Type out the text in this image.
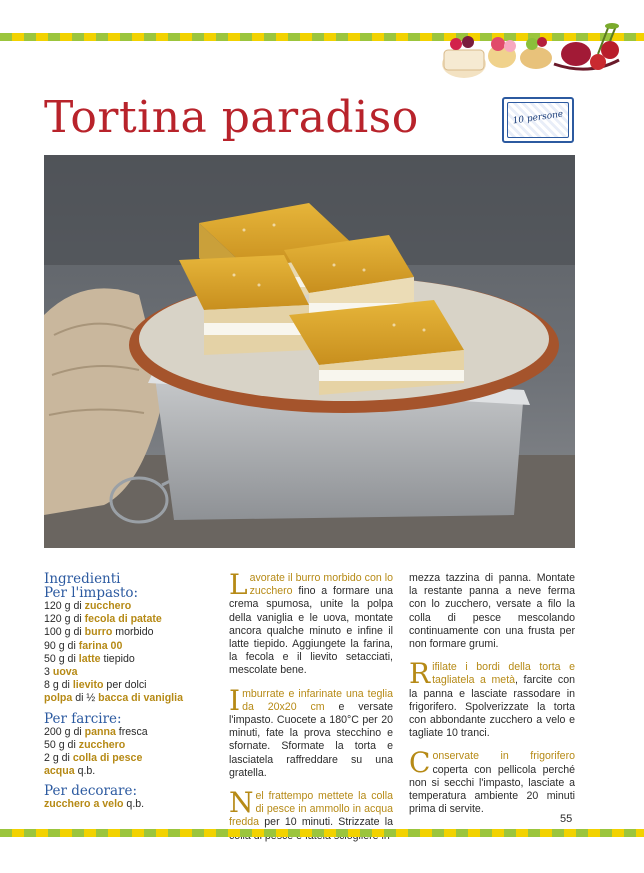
Tortina paradiso	10 persone

Ingredienti

Per l'impasto:

120 g di zucchero

120 g di fecola di patate

100 g di burro morbido

90 g di farina 00

50 g di latte tiepido

3 uova

8 g di lievito per dolci

polpa di ½ bacca di vaniglia

Per farcire:

200 g di panna fresca

50 g di zucchero

2 g di colla di pesce

acqua q.b.

Per decorare:

zucchero a velo q.b.

Lavorate il burro morbido con lo zucchero fino a formare una crema spumosa, unite la polpa della vaniglia e le uova, montate ancora qualche minuto e infine il latte tiepido. Aggiungete la farina, la fecola e il lievito setacciati, mescolate bene.

Imburrate e infarinate una teglia da 20x20 cm e versate l'impasto. Cuocete a 180°C per 20 minuti, fate la prova stecchino e sfornate. Sformate la torta e lasciatela raffreddare su una gratella.

Nel frattempo mettete la colla di pesce in ammollo in acqua fredda per 10 minuti. Strizzate la

mezza tazzina di panna. Montate la restante panna a neve ferma con lo zucchero, versate a filo la colla di pesce mescolando continuamente con una frusta per non formare grumi.

Rifilate i bordi della torta e tagliatela a metà, farcite con la panna e lasciate rassodare in frigorifero. Spolverizzate la torta con abbondante zucchero a velo e tagliate 10 tranci.

Conservate in frigorifero coperta con pellicola perché non si secchi l'impasto, lasciate a temperatura ambiente 20 minuti prima di servite.

55
